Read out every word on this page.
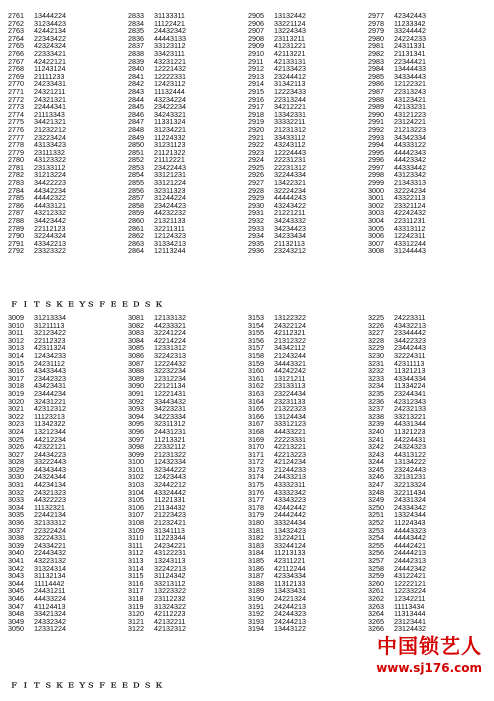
2761	13444224
2762	31234423
2763	42442134
2764	22343422
2765	42324324
2766	22333421
2767	42422121
2768	11243124
2769	21111233
2770	24233431
2771	24321211
2772	24321321
2773	22444341
2774	21113343
2775	34421321
2776	21232212
2777	23223424
2778	43133423
2779	23111332
2780	43123322
2781	23133112
2782	31213224
2783	34422223
2784	44342234
2785	44442322
2786	44433121
2787	43212332
2788	34423442
2789	22112123
2790	32244324
2791	43342213
2792	23323322
2833	31133311
2834	11122421
2835	24432342
2836	44443133
2837	33123112
2838	33423111
2839	43231221
2840	12221432
2841	12222331
2842	12423112
2843	11132444
2844	43234224
2845	23422234
2846	34243321
2847	11331324
2848	31234221
2849	11224332
2850	31231123
2851	21121322
2852	21112221
2853	23422443
2854	33121231
2855	33121224
2856	32311323
2857	31244224
2858	23424423
2859	44232232
2860	21321133
2861	32211311
2862	12124323
2863	31334213
2864	12113244
2905	13132442
2906	33221124
2907	13224343
2908	23113211
2909	41231221
2910	42113221
2911	42133131
2912	42133423
2913	23244412
2914	31342113
2915	12223433
2916	22313244
2917	34212221
2918	13342331
2919	33332211
2920	21231312
2921	33433112
2922	43243112
2923	12224443
2924	22231231
2925	22231312
2926	32244334
2927	13422321
2928	32224234
2929	44444243
2930	43243422
2931	21221211
2932	34243332
2933	34234423
2934	34233434
2935	21132113
2936	23243212
2977	42342443
2978	11233342
2979	33244442
2980	24224233
2981	24311331
2982	21131341
2983	22344421
2984	13444433
2985	34334443
2986	12122321
2987	22313243
2988	43123421
2989	42133231
2990	43121223
2991	23124221
2992	21213223
2993	34342334
2994	44333122
2995	44442343
2996	44423342
2997	44333442
2998	43123342
2999	21343313
3000	32224234
3001	43322113
3002	23321124
3003	42242432
3004	22311231
3005	43313112
3006	12242311
3007	43312244
3008	31244443
Ｆ Ｉ Ｔ Ｓ Ｋ Ｅ ＹＳ Ｆ Ｅ Ｅ Ｄ Ｓ Ｋ
3009	31213334
3010	31211113
3011	32123422
3012	22112323
3013	42311324
3014	12434233
3015	24231112
3016	43433443
3017	23442323
3018	43423431
3019	23444234
3020	32431221
3021	42312312
3022	11123213
3023	11342322
3024	13212344
3025	44212234
3026	42322121
3027	24434223
3028	33222443
3029	44343443
3030	24324344
3031	44234134
3032	24321323
3033	44322223
3034	11132321
3035	22442134
3036	32133312
3037	22322424
3038	32224331
3039	24334221
3040	22443432
3041	43223132
3042	31324314
3043	31132134
3044	11114442
3045	24431211
3046	44433224
3047	41124413
3048	33421324
3049	24332342
3050	12331224
3081	12133132
3082	44233321
3083	32241224
3084	42214224
3085	12331312
3086	32242313
3087	12224432
3088	32232234
3089	12312234
3090	22121134
3091	12221431
3092	33443432
3093	34223231
3094	34223334
3095	32311312
3096	24431231
3097	11213321
3098	22332112
3099	21231322
3100	12432334
3101	32344222
3102	12423443
3103	32442212
3104	43324442
3105	11221331
3106	21134432
3107	21223423
3108	21232421
3109	31341113
3110	11223344
3111	24234221
3112	43122231
3113	13243113
3114	32242213
3115	31124342
3116	33213112
3117	13223322
3118	23112232
3119	31324322
3120	42112223
3121	42132211
3122	42132312
3153	13122322
3154	24322124
3155	42112321
3156	21312322
3157	34342112
3158	21243244
3159	34443321
3160	44242242
3161	13121211
3162	23133113
3163	23224434
3164	23231133
3165	21322323
3166	13124434
3167	33312123
3168	44433221
3169	22223331
3170	42213221
3171	42213223
3172	42124234
3173	21244233
3174	24433213
3175	43332311
3176	43332342
3177	43343223
3178	42442442
3179	24442442
3180	33324434
3181	13432423
3182	31224211
3183	33244124
3184	11213133
3185	42311221
3186	42112244
3187	42334334
3188	11312133
3189	13433431
3190	24221324
3191	24244213
3192	24244323
3193	24244213
3194	13443122
3225	24223311
3226	43432213
3227	23344442
3228	34422323
3229	23442443
3230	32224311
3231	42311113
3232	11321213
3233	43344334
3234	11334224
3235	23244341
3236	42312343
3237	24232133
3238	33213221
3239	44331344
3240	11321223
3241	44224431
3242	24324323
3243	44313122
3244	13134222
3245	23242443
3246	32131231
3247	32213324
3248	32211434
3249	24331324
3250	24334342
3251	13324344
3252	11224343
3253	44443323
3254	44443442
3255	44442421
3256	24444213
3257	24442313
3258	24442342
3259	43122421
3260	12222121
3261	12233224
3262	12342211
3263	11113434
3264	11313444
3265	23123441
3266	23124432
Ｆ Ｉ Ｔ Ｓ Ｋ Ｅ ＹＳ Ｆ Ｅ Ｅ Ｄ Ｓ Ｋ
中国锁艺人
www.sj176.com
